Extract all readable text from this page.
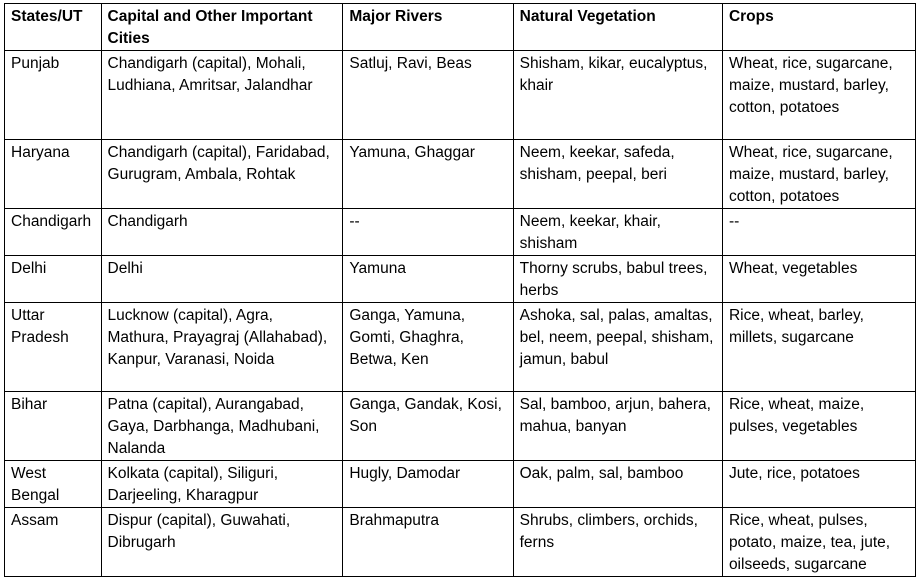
States/UT	Capital and Other Important Cities	Major Rivers	Natural Vegetation	Crops
Punjab	Chandigarh (capital), Mohali, Ludhiana, Amritsar, Jalandhar	Satluj, Ravi, Beas	Shisham, kikar, eucalyptus, khair	Wheat, rice, sugarcane, maize, mustard, barley, cotton, potatoes
Haryana	Chandigarh (capital), Faridabad, Gurugram, Ambala, Rohtak	Yamuna, Ghaggar	Neem, keekar, safeda, shisham, peepal, beri	Wheat, rice, sugarcane, maize, mustard, barley, cotton, potatoes
Chandigarh	Chandigarh	--	Neem, keekar, khair, shisham	--
Delhi	Delhi	Yamuna	Thorny scrubs, babul trees, herbs	Wheat, vegetables
Uttar Pradesh	Lucknow (capital), Agra, Mathura, Prayagraj (Allahabad), Kanpur, Varanasi, Noida	Ganga, Yamuna, Gomti, Ghaghra, Betwa, Ken	Ashoka, sal, palas, amaltas, bel, neem, peepal, shisham, jamun, babul	Rice, wheat, barley, millets, sugarcane
Bihar	Patna (capital), Aurangabad, Gaya, Darbhanga, Madhubani, Nalanda	Ganga, Gandak, Kosi, Son	Sal, bamboo, arjun, bahera, mahua, banyan	Rice, wheat, maize, pulses, vegetables
West Bengal	Kolkata (capital), Siliguri, Darjeeling, Kharagpur	Hugly, Damodar	Oak, palm, sal, bamboo	Jute, rice, potatoes
Assam	Dispur (capital), Guwahati, Dibrugarh	Brahmaputra	Shrubs, climbers, orchids, ferns	Rice, wheat, pulses, potato, maize, tea, jute, oilseeds, sugarcane
